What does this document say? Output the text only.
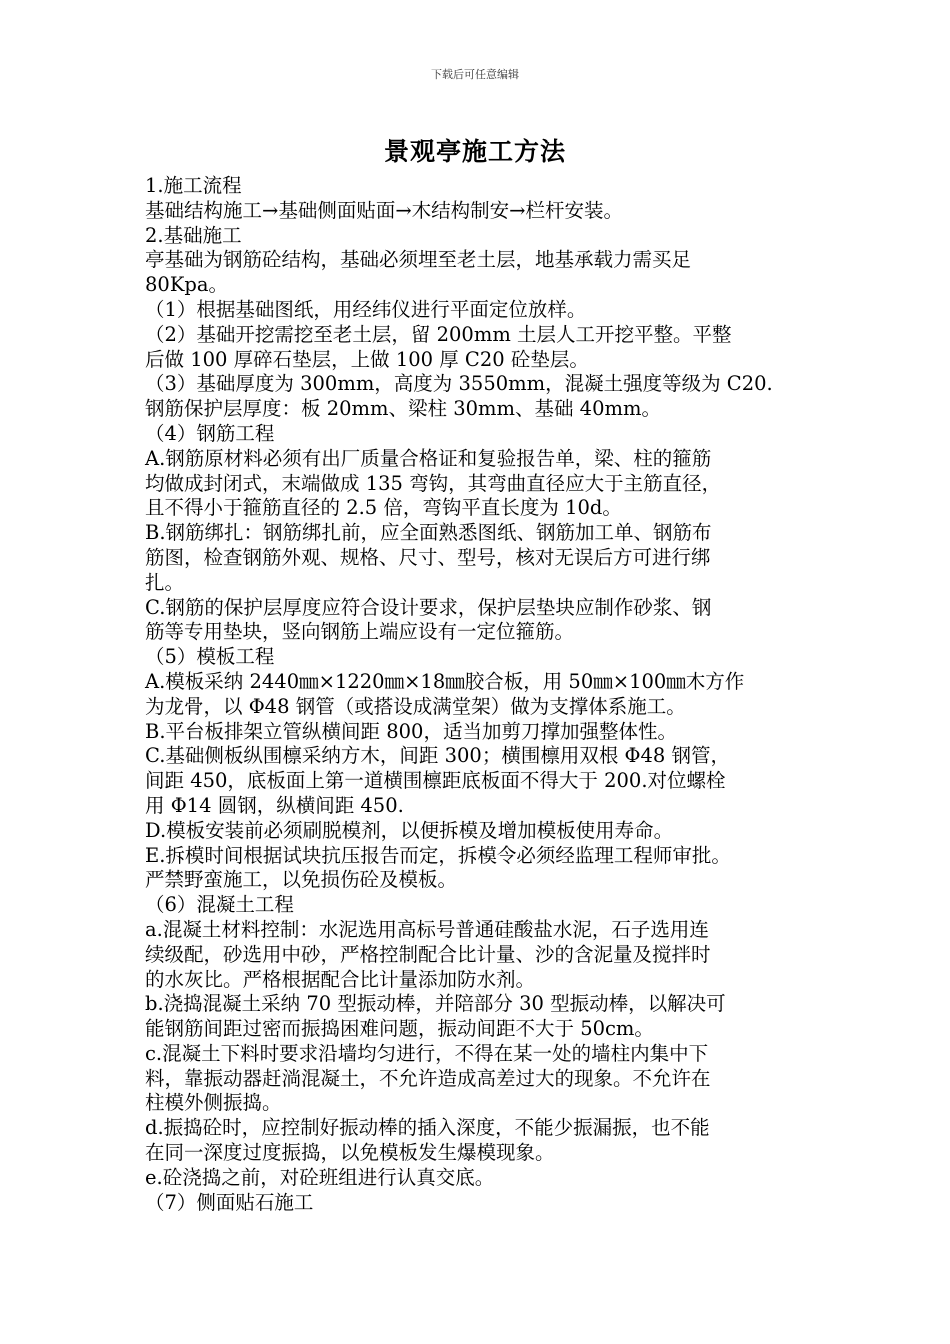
下载后可任意编辑
景观亭施工方法
1.施工流程
基础结构施工→基础侧面贴面→木结构制安→栏杆安装。
2.基础施工
亭基础为钢筋砼结构，基础必须埋至老土层，地基承载力需买足
80Kpa。
（1）根据基础图纸，用经纬仪进行平面定位放样。
（2）基础开挖需挖至老土层，留 200mm 土层人工开挖平整。平整
后做 100 厚碎石垫层，上做 100 厚 C20 砼垫层。
（3）基础厚度为 300mm，高度为 3550mm，混凝土强度等级为 C20.
钢筋保护层厚度：板 20mm、梁柱 30mm、基础 40mm。
（4）钢筋工程
A.钢筋原材料必须有出厂质量合格证和复验报告单，梁、柱的箍筋
均做成封闭式，末端做成 135 弯钩，其弯曲直径应大于主筋直径，
且不得小于箍筋直径的 2.5 倍，弯钩平直长度为 10d。
B.钢筋绑扎：钢筋绑扎前，应全面熟悉图纸、钢筋加工单、钢筋布
筋图，检查钢筋外观、规格、尺寸、型号，核对无误后方可进行绑
扎。
C.钢筋的保护层厚度应符合设计要求，保护层垫块应制作砂浆、钢
筋等专用垫块，竖向钢筋上端应设有一定位箍筋。
（5）模板工程
A.模板采纳 2440㎜×1220㎜×18㎜胶合板，用 50㎜×100㎜木方作
为龙骨，以 Φ48 钢管（或搭设成满堂架）做为支撑体系施工。
B.平台板排架立管纵横间距 800，适当加剪刀撑加强整体性。
C.基础侧板纵围檩采纳方木，间距 300；横围檩用双根 Φ48 钢管，
间距 450，底板面上第一道横围檩距底板面不得大于 200.对位螺栓
用 Φ14 圆钢，纵横间距 450.
D.模板安装前必须刷脱模剂，以便拆模及增加模板使用寿命。
E.拆模时间根据试块抗压报告而定，拆模令必须经监理工程师审批。
严禁野蛮施工，以免损伤砼及模板。
（6）混凝土工程
a.混凝土材料控制：水泥选用高标号普通硅酸盐水泥，石子选用连
续级配，砂选用中砂，严格控制配合比计量、沙的含泥量及搅拌时
的水灰比。严格根据配合比计量添加防水剂。
b.浇捣混凝土采纳 70 型振动棒，并陪部分 30 型振动棒，以解决可
能钢筋间距过密而振捣困难问题，振动间距不大于 50cm。
c.混凝土下料时要求沿墙均匀进行，不得在某一处的墙柱内集中下
料，靠振动器赶淌混凝土，不允许造成高差过大的现象。不允许在
柱模外侧振捣。
d.振捣砼时，应控制好振动棒的插入深度，不能少振漏振，也不能
在同一深度过度振捣，以免模板发生爆模现象。
e.砼浇捣之前，对砼班组进行认真交底。
（7）侧面贴石施工
